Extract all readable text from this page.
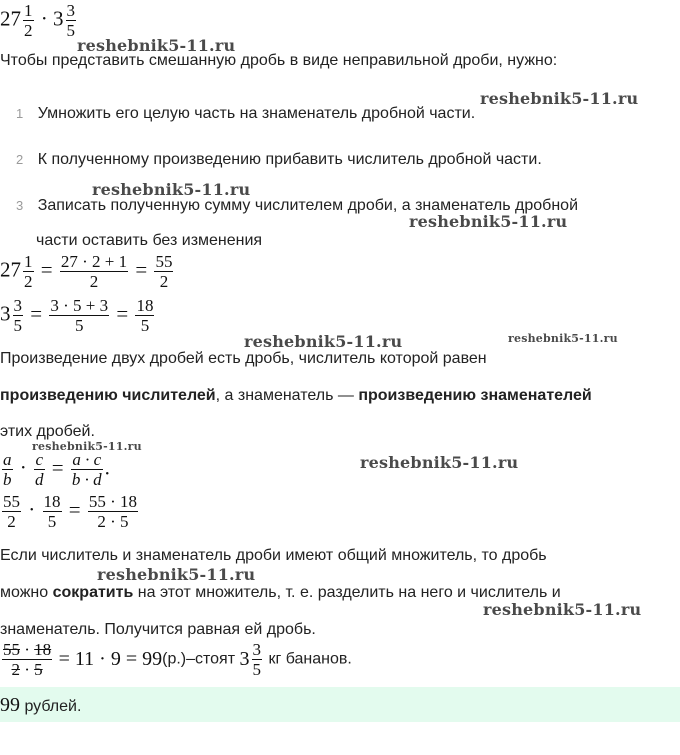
$27 \frac{1}{2} \cdot 3 \frac{3}{5}$
Чтобы представить смешанную дробь в виде неправильной дроби, нужно:
1 Умножить его целую часть на знаменатель дробной части.
2 К полученному произведению прибавить числитель дробной части.
3 Записать полученную сумму числителем дроби, а знаменатель дробной
части оставить без изменения
$27 \frac{1}{2} = \frac{27 \cdot 2 + 1}{2} = \frac{55}{2}$
$3 \frac{3}{5} = \frac{3 \cdot 5 + 3}{5} = \frac{18}{5}$
Произведение двух дробей есть дробь, числитель которой равен
произведению числителей, а знаменатель — произведению знаменателей
этих дробей.
$\frac{a}{b} \cdot \frac{c}{d} = \frac{a \cdot c}{b \cdot d}$ .
$\frac{55}{2} \cdot \frac{18}{5} = \frac{55 \cdot 18}{2 \cdot 5}$
Если числитель и знаменатель дроби имеют общий множитель, то дробь
можно сократить на этот множитель, т. е. разделить на него и числитель и
знаменатель. Получится равная ей дробь.
$\frac{55 \cdot 18}{2 \cdot 5} = 11 \cdot 9$ = 99(р.)–стоят $3 \frac{3}{5}$ кг бананов.
99 рублей.
reshebnik5-11.ru
reshebnik5-11.ru
reshebnik5-11.ru
reshebnik5-11.ru
reshebnik5-11.ru	reshebnik5-11.ru
reshebnik5-11.ru
reshebnik5-11.ru
reshebnik5-11.ru
reshebnik5-11.ru
